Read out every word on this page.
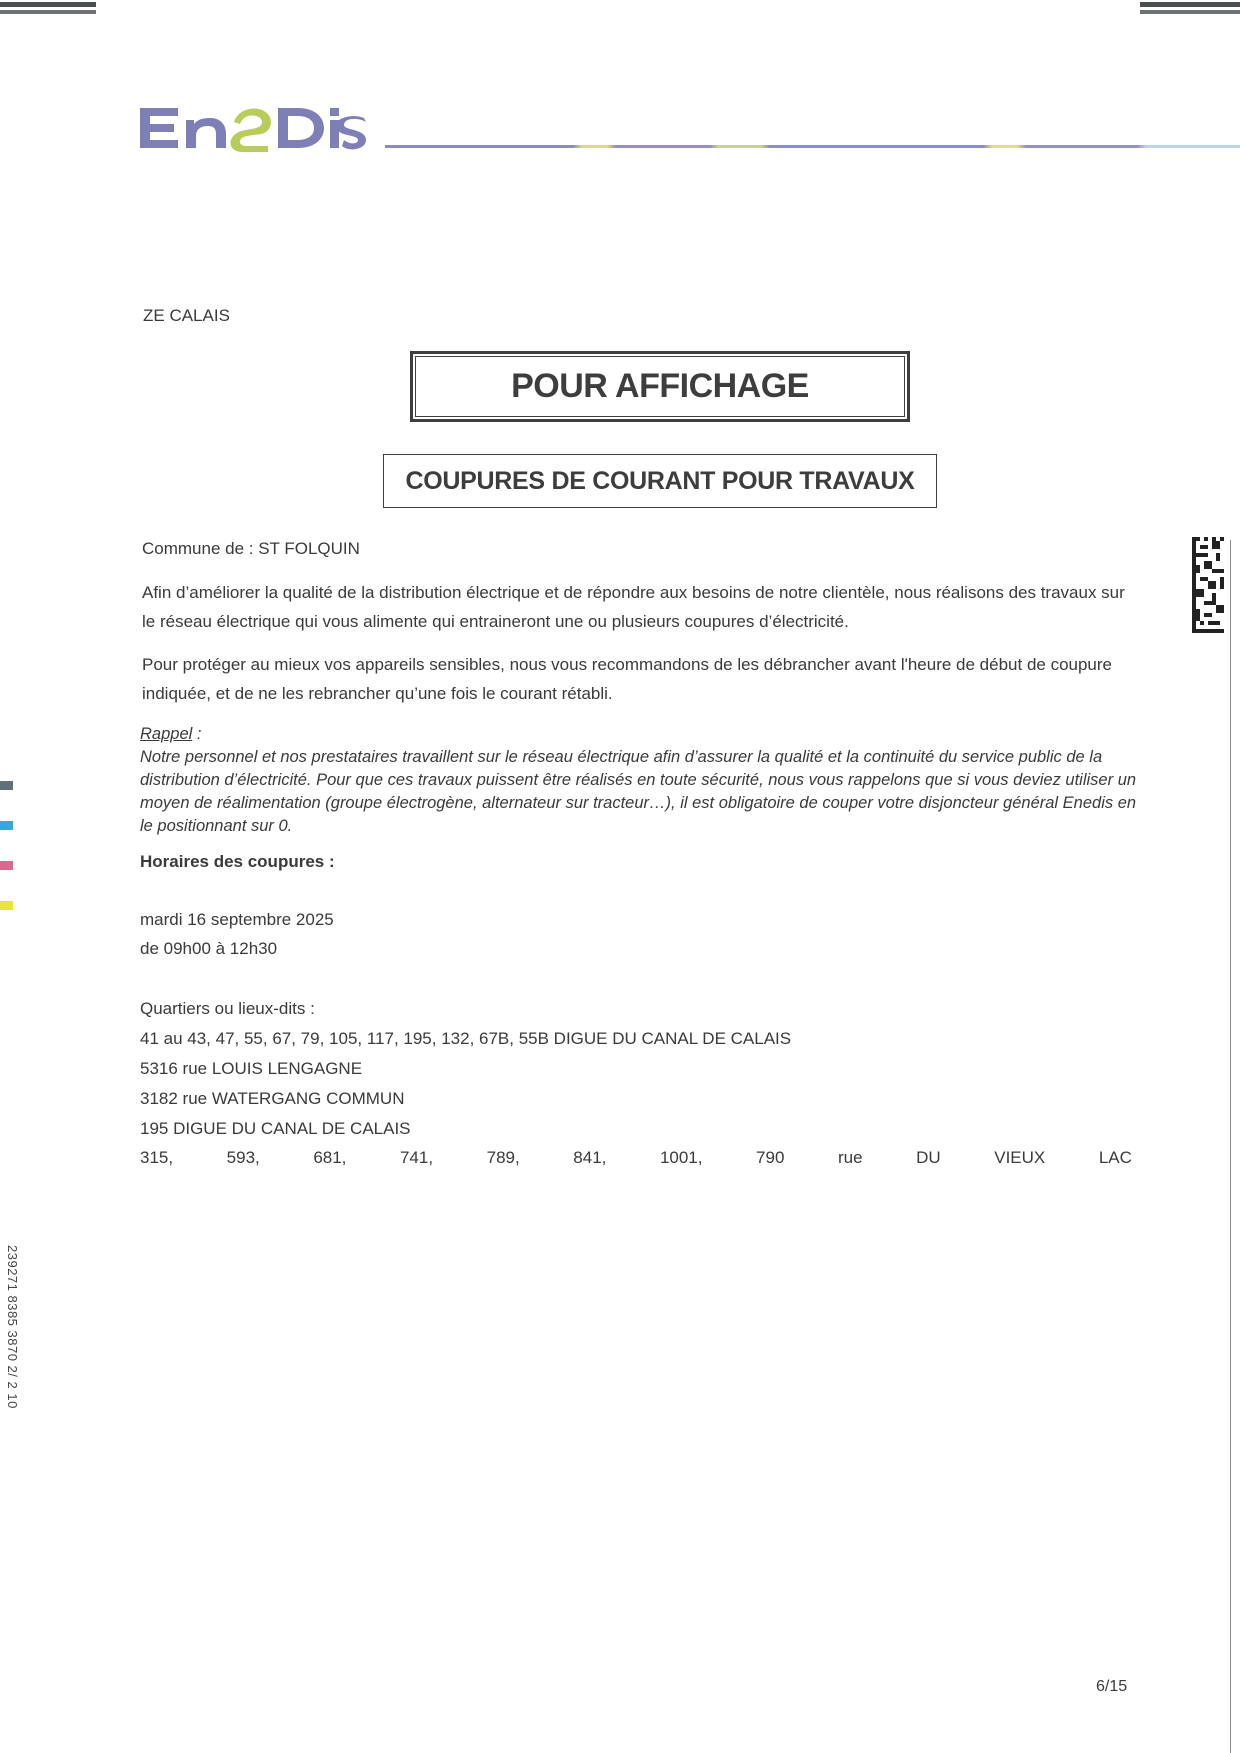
ZE CALAIS
POUR AFFICHAGE
COUPURES DE COURANT POUR TRAVAUX
Commune de : ST FOLQUIN
Afin d’améliorer la qualité de la distribution électrique et de répondre aux besoins de notre clientèle, nous réalisons des travaux sur le réseau électrique qui vous alimente qui entraineront une ou plusieurs coupures d’électricité.
Pour protéger au mieux vos appareils sensibles, nous vous recommandons de les débrancher avant l'heure de début de coupure indiquée, et de ne les rebrancher qu’une fois le courant rétabli.
Rappel :
Notre personnel et nos prestataires travaillent sur le réseau électrique afin d’assurer la qualité et la continuité du service public de la distribution d’électricité. Pour que ces travaux puissent être réalisés en toute sécurité, nous vous rappelons que si vous deviez utiliser un moyen de réalimentation (groupe électrogène, alternateur sur tracteur…), il est obligatoire de couper votre disjoncteur général Enedis en le positionnant sur 0.
Horaires des coupures :
mardi 16 septembre 2025
de 09h00 à 12h30
Quartiers ou lieux-dits :
41 au 43, 47, 55, 67, 79, 105, 117, 195, 132, 67B, 55B DIGUE DU CANAL DE CALAIS
5316 rue LOUIS LENGAGNE
3182 rue WATERGANG COMMUN
195 DIGUE DU CANAL DE CALAIS
315,	593,	681,	741,	789,	841,	1001,	790	rue	DU	VIEUX	LAC
239271 8385 3870 2/ 2 10
6/15
